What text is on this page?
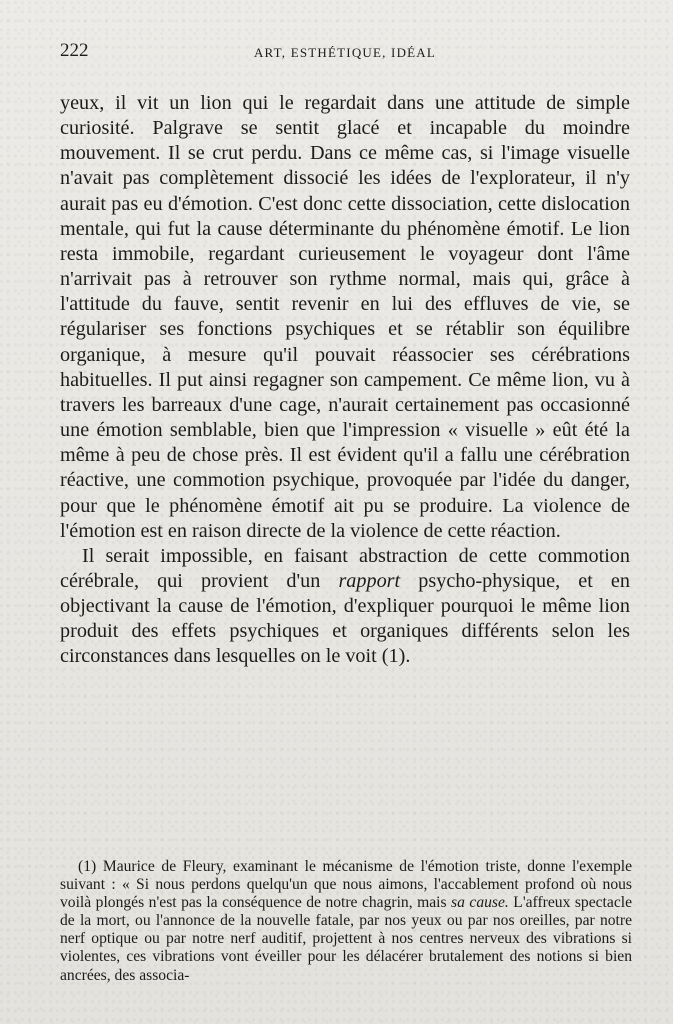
222	ART, ESTHÉTIQUE, IDÉAL

yeux, il vit un lion qui le regardait dans une attitude de simple curiosité. Palgrave se sentit glacé et incapable du moindre mouvement. Il se crut perdu. Dans ce même cas, si l'image visuelle n'avait pas complètement dissocié les idées de l'explorateur, il n'y aurait pas eu d'émotion. C'est donc cette dissociation, cette dislocation mentale, qui fut la cause déterminante du phénomène émotif. Le lion resta immobile, regardant curieusement le voyageur dont l'âme n'arrivait pas à retrouver son rythme normal, mais qui, grâce à l'attitude du fauve, sentit revenir en lui des effluves de vie, se régulariser ses fonctions psychiques et se rétablir son équilibre organique, à mesure qu'il pouvait réassocier ses cérébrations habituelles. Il put ainsi regagner son campement. Ce même lion, vu à travers les barreaux d'une cage, n'aurait certainement pas occasionné une émotion semblable, bien que l'impression « visuelle » eût été la même à peu de chose près. Il est évident qu'il a fallu une cérébration réactive, une commotion psychique, provoquée par l'idée du danger, pour que le phénomène émotif ait pu se produire. La violence de l'émotion est en raison directe de la violence de cette réaction.

Il serait impossible, en faisant abstraction de cette commotion cérébrale, qui provient d'un rapport psycho-physique, et en objectivant la cause de l'émotion, d'expliquer pourquoi le même lion produit des effets psychiques et organiques différents selon les circonstances dans lesquelles on le voit (1).

(1) Maurice de Fleury, examinant le mécanisme de l'émotion triste, donne l'exemple suivant : « Si nous perdons quelqu'un que nous aimons, l'accablement profond où nous voilà plongés n'est pas la conséquence de notre chagrin, mais sa cause. L'affreux spectacle de la mort, ou l'annonce de la nouvelle fatale, par nos yeux ou par nos oreilles, par notre nerf optique ou par notre nerf auditif, projettent à nos centres nerveux des vibrations si violentes, ces vibrations vont éveiller pour les délacérer brutalement des notions si bien ancrées, des associa-
